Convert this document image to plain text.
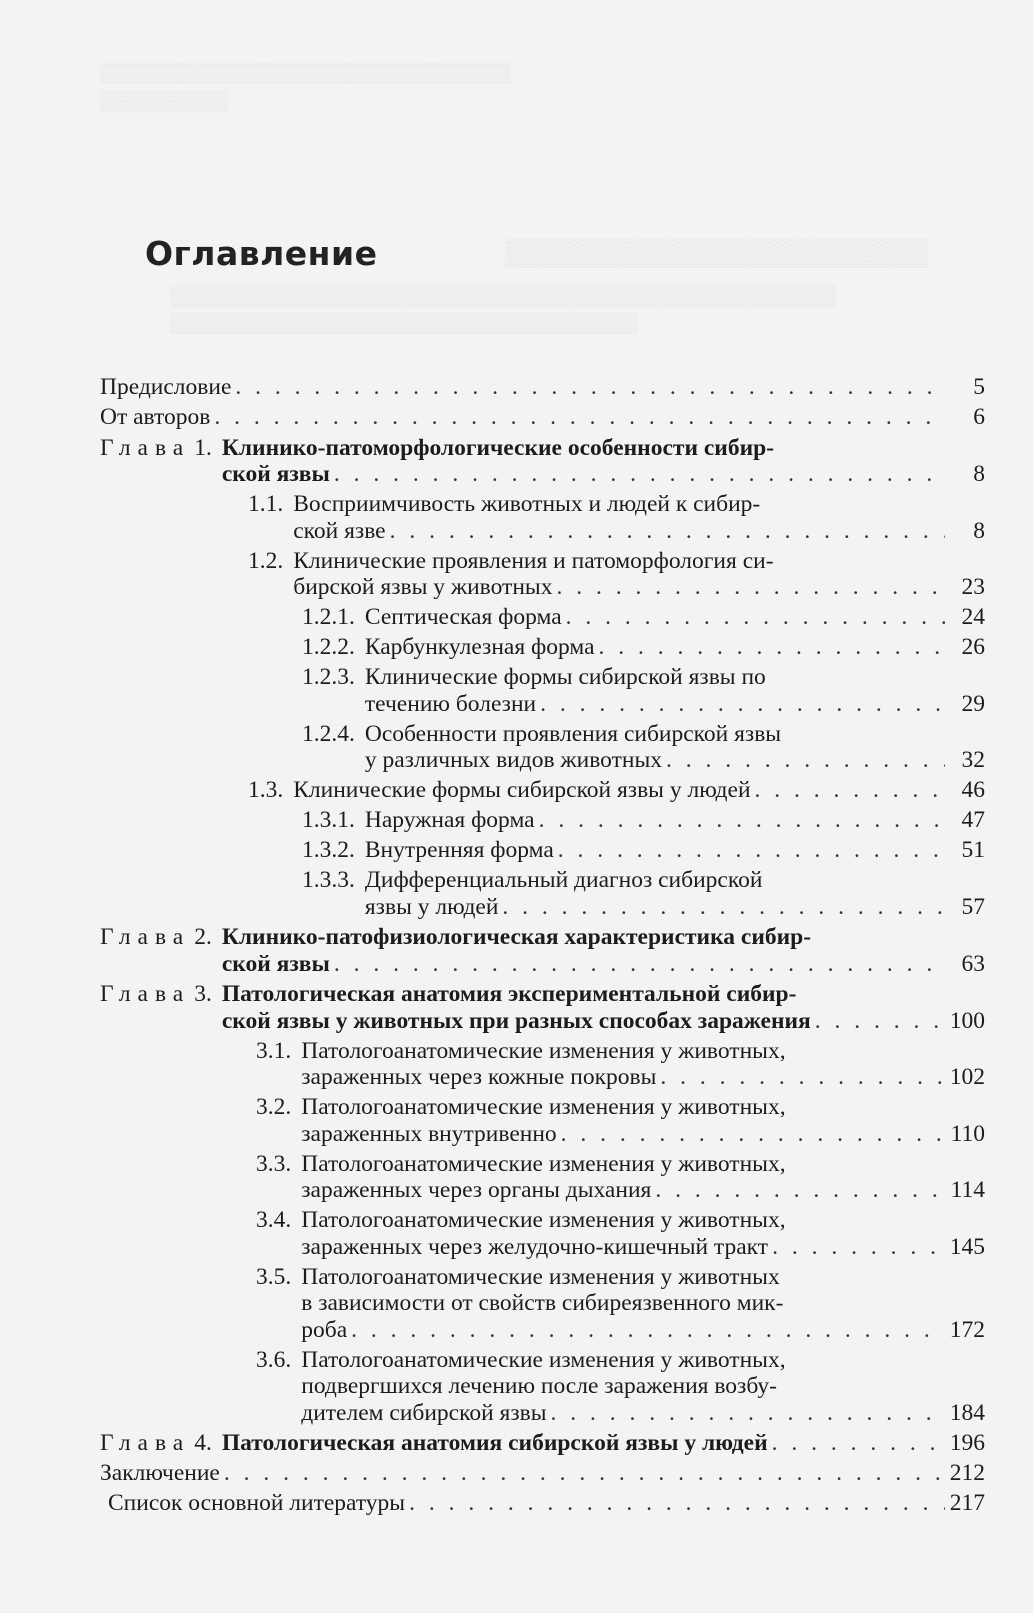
▒▒▒▒▒▒▒▒▒▒▒▒▒▒▒▒▒▒▒▒▒▒▒▒▒▒▒▒▒
▒▒▒▒▒▒▒▒▒
▒▒▒▒▒▒▒▒▒▒▒▒▒▒▒▒▒▒▒▒▒▒▒
▒▒▒▒▒▒▒▒▒▒▒▒▒▒▒▒▒▒▒▒▒▒▒▒▒▒▒▒▒▒▒▒▒▒▒▒▒▒▒▒▒▒▒▒▒▒▒
▒▒▒▒▒▒▒▒▒▒▒▒▒▒▒▒▒▒▒▒▒▒▒▒▒▒▒▒▒▒▒▒▒
Оглавление
Предисловие . . .	5
От авторов . . .	6
Глава 1. Клинико-патоморфологические особенности сибир-
ской язвы . . .	8
1.1. Восприимчивость животных и людей к сибир-
ской язве . . .	8
1.2. Клинические проявления и патоморфология си-
бирской язвы у животных . . .	23
1.2.1. Септическая форма . . .	24
1.2.2. Карбункулезная форма . . .	26
1.2.3. Клинические формы сибирской язвы по
течению болезни . . .	29
1.2.4. Особенности проявления сибирской язвы
у различных видов животных . . .	32
1.3. Клинические формы сибирской язвы у людей . . .	46
1.3.1. Наружная форма . . .	47
1.3.2. Внутренняя форма . . .	51
1.3.3. Дифференциальный диагноз сибирской
язвы у людей . . .	57
Глава 2. Клинико-патофизиологическая характеристика сибир-
ской язвы . . .	63
Глава 3. Патологическая анатомия экспериментальной сибир-
ской язвы у животных при разных способах заражения . . .	100
3.1. Патологоанатомические изменения у животных,
зараженных через кожные покровы . . .	102
3.2. Патологоанатомические изменения у животных,
зараженных внутривенно . . .	110
3.3. Патологоанатомические изменения у животных,
зараженных через органы дыхания . . .	114
3.4. Патологоанатомические изменения у животных,
зараженных через желудочно-кишечный тракт . . .	145
3.5. Патологоанатомические изменения у животных
в зависимости от свойств сибиреязвенного мик-
роба . . .	172
3.6. Патологоанатомические изменения у животных,
подвергшихся лечению после заражения возбу-
дителем сибирской язвы . . .	184
Глава 4. Патологическая анатомия сибирской язвы у людей . . .	196
Заключение . . .	212
Список основной литературы . . .	217
